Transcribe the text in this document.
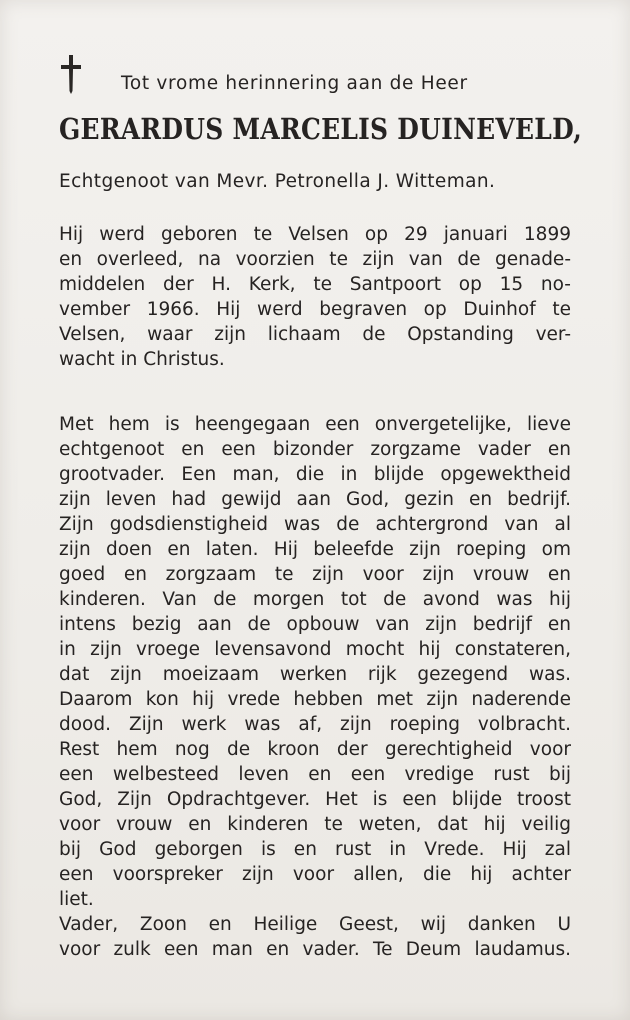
Tot vrome herinnering aan de Heer
GERARDUS MARCELIS DUINEVELD,
Echtgenoot van Mevr. Petronella J. Witteman.
Hij werd geboren te Velsen op 29 januari 1899
en overleed, na voorzien te zijn van de genade-
middelen der H. Kerk, te Santpoort op 15 no-
vember 1966. Hij werd begraven op Duinhof te
Velsen, waar zijn lichaam de Opstanding ver-
wacht in Christus.
Met hem is heengegaan een onvergetelijke, lieve
echtgenoot en een bizonder zorgzame vader en
grootvader. Een man, die in blijde opgewektheid
zijn leven had gewijd aan God, gezin en bedrijf.
Zijn godsdienstigheid was de achtergrond van al
zijn doen en laten. Hij beleefde zijn roeping om
goed en zorgzaam te zijn voor zijn vrouw en
kinderen. Van de morgen tot de avond was hij
intens bezig aan de opbouw van zijn bedrijf en
in zijn vroege levensavond mocht hij constateren,
dat zijn moeizaam werken rijk gezegend was.
Daarom kon hij vrede hebben met zijn naderende
dood. Zijn werk was af, zijn roeping volbracht.
Rest hem nog de kroon der gerechtigheid voor
een welbesteed leven en een vredige rust bij
God, Zijn Opdrachtgever. Het is een blijde troost
voor vrouw en kinderen te weten, dat hij veilig
bij God geborgen is en rust in Vrede. Hij zal
een voorspreker zijn voor allen, die hij achter
liet.
Vader, Zoon en Heilige Geest, wij danken U
voor zulk een man en vader. Te Deum laudamus.
